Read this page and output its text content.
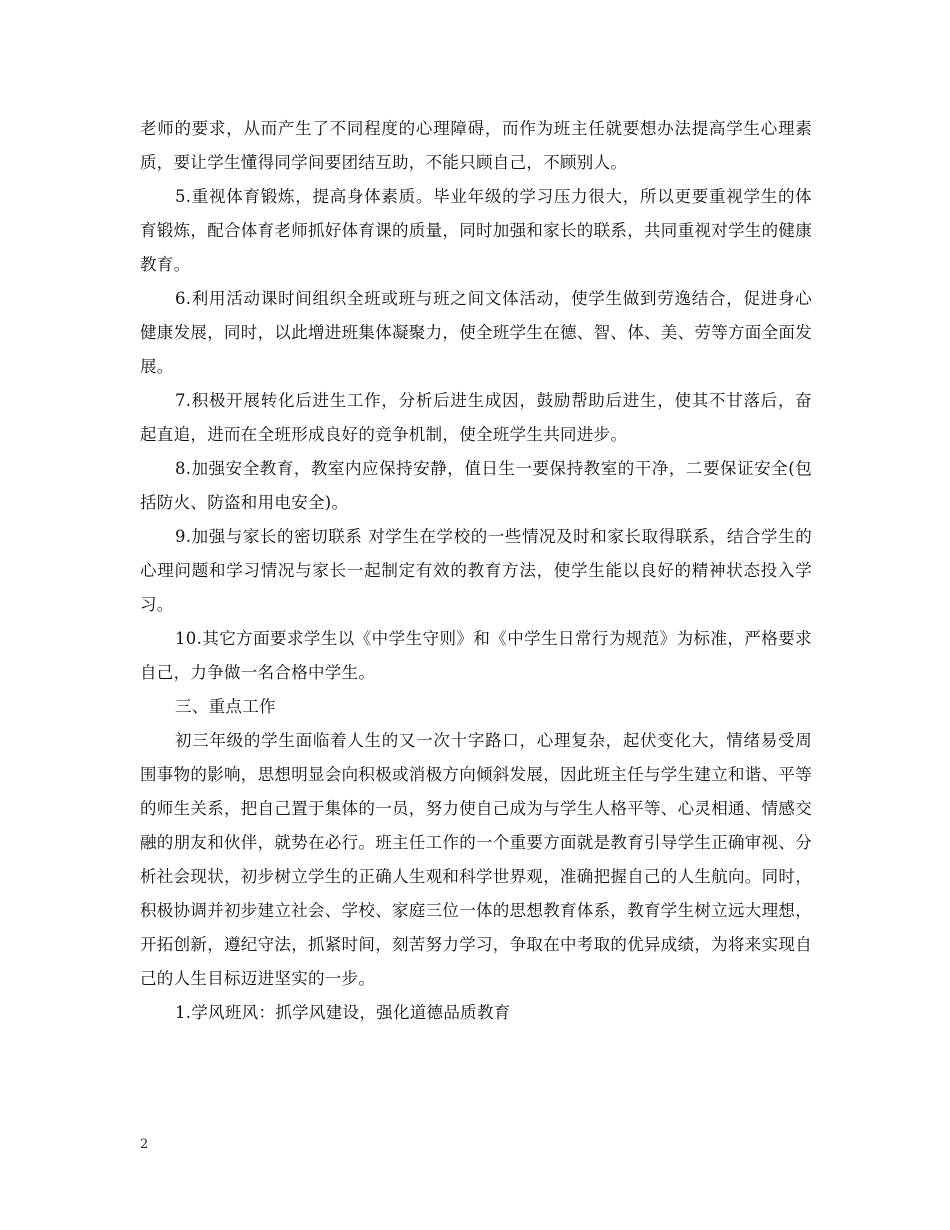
老师的要求，从而产生了不同程度的心理障碍，而作为班主任就要想办法提高学生心理素质，要让学生懂得同学间要团结互助，不能只顾自己，不顾别人。

5.重视体育锻炼，提高身体素质。毕业年级的学习压力很大，所以更要重视学生的体育锻炼，配合体育老师抓好体育课的质量，同时加强和家长的联系，共同重视对学生的健康教育。

6.利用活动课时间组织全班或班与班之间文体活动，使学生做到劳逸结合，促进身心健康发展，同时，以此增进班集体凝聚力，使全班学生在德、智、体、美、劳等方面全面发展。

7.积极开展转化后进生工作，分析后进生成因，鼓励帮助后进生，使其不甘落后，奋起直追，进而在全班形成良好的竞争机制，使全班学生共同进步。

8.加强安全教育，教室内应保持安静，值日生一要保持教室的干净，二要保证安全(包括防火、防盗和用电安全)。

9.加强与家长的密切联系 对学生在学校的一些情况及时和家长取得联系，结合学生的心理问题和学习情况与家长一起制定有效的教育方法，使学生能以良好的精神状态投入学习。

10.其它方面要求学生以《中学生守则》和《中学生日常行为规范》为标准，严格要求自己，力争做一名合格中学生。

三、重点工作

初三年级的学生面临着人生的又一次十字路口，心理复杂，起伏变化大，情绪易受周围事物的影响，思想明显会向积极或消极方向倾斜发展，因此班主任与学生建立和谐、平等的师生关系，把自己置于集体的一员，努力使自己成为与学生人格平等、心灵相通、情感交融的朋友和伙伴，就势在必行。班主任工作的一个重要方面就是教育引导学生正确审视、分析社会现状，初步树立学生的正确人生观和科学世界观，准确把握自己的人生航向。同时，积极协调并初步建立社会、学校、家庭三位一体的思想教育体系，教育学生树立远大理想，开拓创新，遵纪守法，抓紧时间，刻苦努力学习，争取在中考取的优异成绩，为将来实现自己的人生目标迈进坚实的一步。

1.学风班风：抓学风建设，强化道德品质教育

2
